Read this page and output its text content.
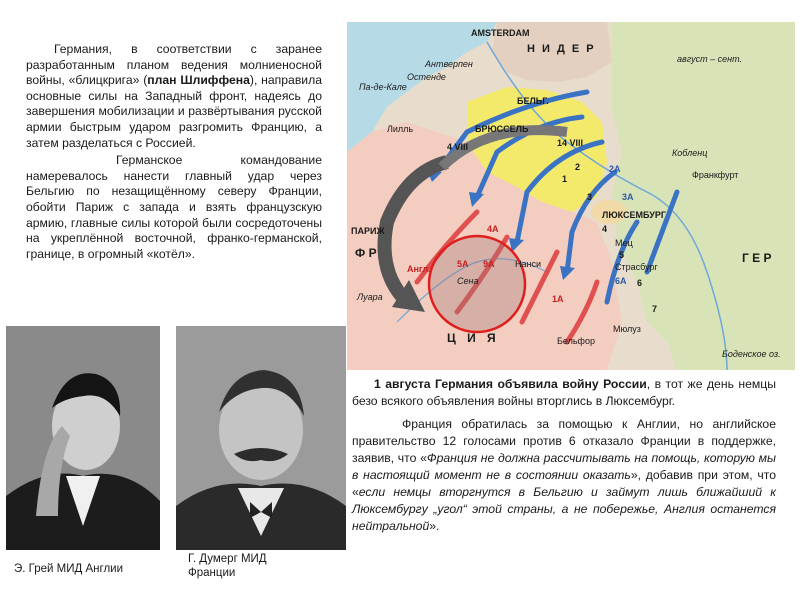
Германия, в соответствии с заранее разработанным планом ведения молниеносной войны, «блицкрига» (план Шлиффена), направила основные силы на Западный фронт, надеясь до завершения мобилизации и развёртывания русской армии быстрым ударом разгромить Францию, а затем разделаться с Россией.

Германское командование намеревалось нанести главный удар через Бельгию по незащищённому северу Франции, обойти Париж с запада и взять французскую армию, главные силы которой были сосредоточены на укреплённой восточной, франко-германской, границе, в огромный «котёл».

AMSTERDAM
Антверпен
Остенде
БРЮССЕЛЬ
Лилль
Кобленц
Франкфурт
ЛЮКСЕМБУРГ
ПАРИЖ
Мец
Нанси	Страсбург
Мюлуз
Бельфор
Луара
Сена
Па-де-Кале
Боденское оз.
Н И Д Е Р
Г Е Р
Ф Р
Ц И Я
БЕЛЬГ.
4 VIII	14 VIII
август – сент.
1
2
3
4
5
6
7
1А
2А
3А
4А
5А
6А
9А
Англ.
Э. Грей МИД Англии
Г. Думерг МИД Франции

1 августа Германия объявила войну России, в тот же день немцы безо всякого объявления войны вторглись в Люксембург.

Франция обратилась за помощью к Англии, но английское правительство 12 голосами против 6 отказало Франции в поддержке, заявив, что «Франция не должна рассчитывать на помощь, которую мы в настоящий момент не в состоянии оказать», добавив при этом, что «если немцы вторгнутся в Бельгию и займут лишь ближайший к Люксембургу „угол“ этой страны, а не побережье, Англия останется нейтральной».
